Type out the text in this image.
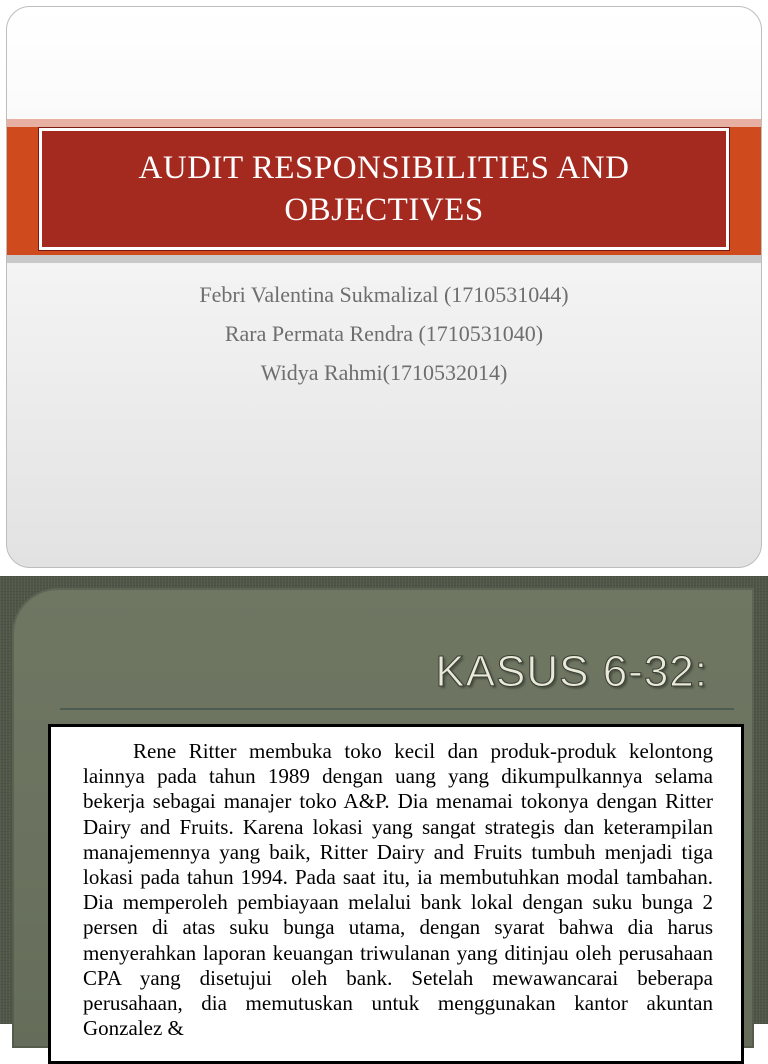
AUDIT RESPONSIBILITIES AND
OBJECTIVES
Febri Valentina Sukmalizal (1710531044)
Rara Permata Rendra (1710531040)
Widya Rahmi(1710532014)
KASUS 6-32:

Rene Ritter membuka toko kecil dan produk-produk kelontong lainnya pada tahun 1989 dengan uang yang dikumpulkannya selama bekerja sebagai manajer toko A&P. Dia menamai tokonya dengan Ritter Dairy and Fruits. Karena lokasi yang sangat strategis dan keterampilan manajemennya yang baik, Ritter Dairy and Fruits tumbuh menjadi tiga lokasi pada tahun 1994. Pada saat itu, ia membutuhkan modal tambahan. Dia memperoleh pembiayaan melalui bank lokal dengan suku bunga 2 persen di atas suku bunga utama, dengan syarat bahwa dia harus menyerahkan laporan keuangan triwulanan yang ditinjau oleh perusahaan CPA yang disetujui oleh bank. Setelah mewawancarai beberapa perusahaan, dia memutuskan untuk menggunakan kantor akuntan Gonzalez &
